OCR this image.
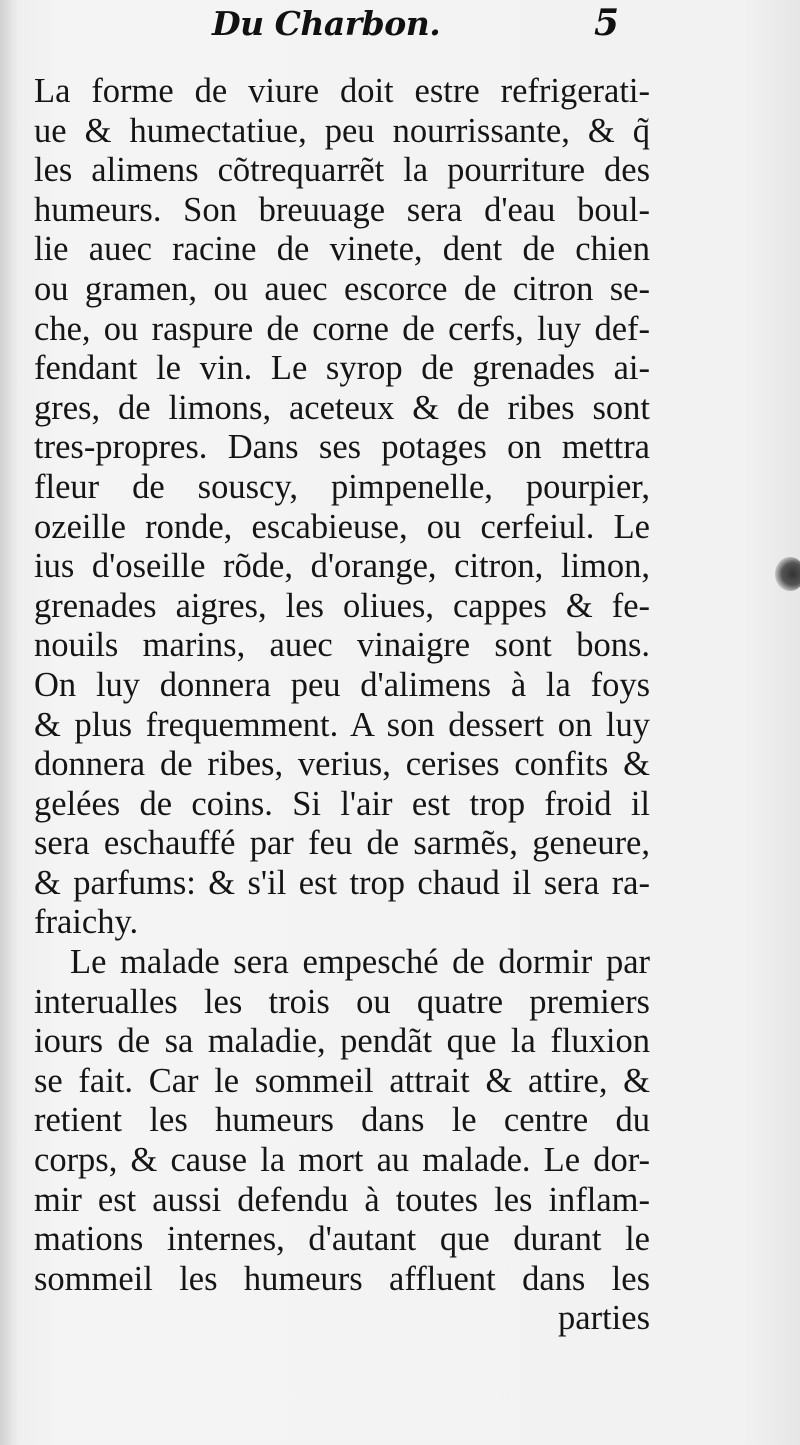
Du Charbon.	5
La forme de viure doit estre refrigerati-
ue & humectatiue, peu nourrissante, & q̃
les alimens cõtrequarrẽt la pourriture des
humeurs. Son breuuage sera d'eau boul-
lie auec racine de vinete, dent de chien
ou gramen, ou auec escorce de citron se-
che, ou raspure de corne de cerfs, luy def-
fendant le vin. Le syrop de grenades ai-
gres, de limons, aceteux & de ribes sont
tres-propres. Dans ses potages on mettra
fleur de souscy, pimpenelle, pourpier,
ozeille ronde, escabieuse, ou cerfeiul. Le
ius d'oseille rõde, d'orange, citron, limon,
grenades aigres, les oliues, cappes & fe-
nouils marins, auec vinaigre sont bons.
On luy donnera peu d'alimens à la foys
& plus frequemment. A son dessert on luy
donnera de ribes, verius, cerises confits &
gelées de coins. Si l'air est trop froid il
sera eschauffé par feu de sarmẽs, geneure,
& parfums: & s'il est trop chaud il sera ra-
fraichy.
Le malade sera empesché de dormir par
interualles les trois ou quatre premiers
iours de sa maladie, pendãt que la fluxion
se fait. Car le sommeil attrait & attire, &
retient les humeurs dans le centre du
corps, & cause la mort au malade. Le dor-
mir est aussi defendu à toutes les inflam-
mations internes, d'autant que durant le
sommeil les humeurs affluent dans les
parties
